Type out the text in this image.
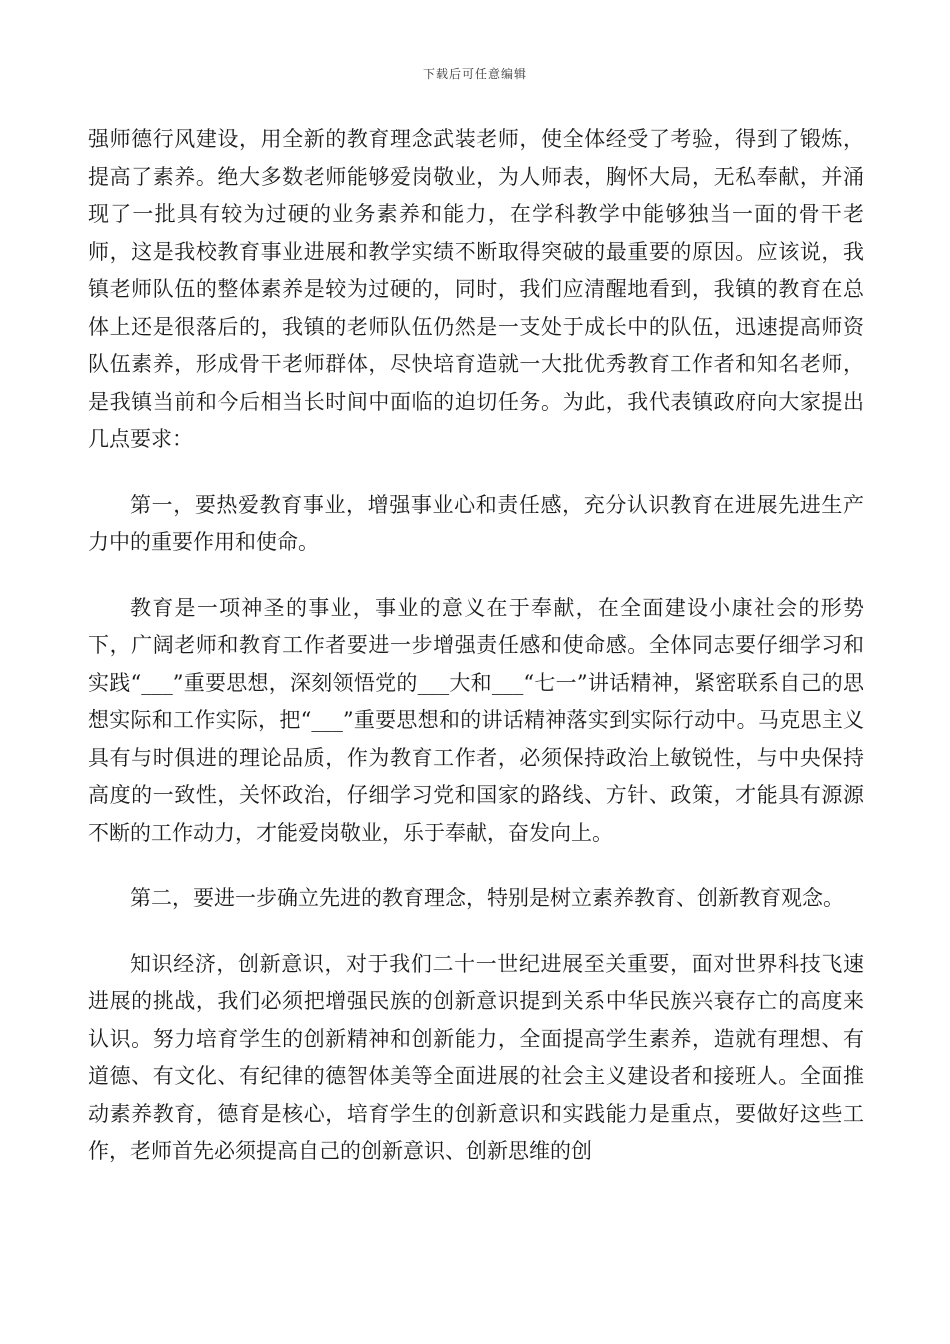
下载后可任意编辑

强师德行风建设，用全新的教育理念武装老师，使全体经受了考验，得到了锻炼，提高了素养。绝大多数老师能够爱岗敬业，为人师表，胸怀大局，无私奉献，并涌现了一批具有较为过硬的业务素养和能力，在学科教学中能够独当一面的骨干老师，这是我校教育事业进展和教学实绩不断取得突破的最重要的原因。应该说，我镇老师队伍的整体素养是较为过硬的，同时，我们应清醒地看到，我镇的教育在总体上还是很落后的，我镇的老师队伍仍然是一支处于成长中的队伍，迅速提高师资队伍素养，形成骨干老师群体，尽快培育造就一大批优秀教育工作者和知名老师，是我镇当前和今后相当长时间中面临的迫切任务。为此，我代表镇政府向大家提出几点要求：

第一，要热爱教育事业，增强事业心和责任感，充分认识教育在进展先进生产力中的重要作用和使命。

教育是一项神圣的事业，事业的意义在于奉献，在全面建设小康社会的形势下，广阔老师和教育工作者要进一步增强责任感和使命感。全体同志要仔细学习和实践“___”重要思想，深刻领悟党的___大和___“七一”讲话精神，紧密联系自己的思想实际和工作实际，把“___”重要思想和的讲话精神落实到实际行动中。马克思主义具有与时俱进的理论品质，作为教育工作者，必须保持政治上敏锐性，与中央保持高度的一致性，关怀政治，仔细学习党和国家的路线、方针、政策，才能具有源源不断的工作动力，才能爱岗敬业，乐于奉献，奋发向上。

第二，要进一步确立先进的教育理念，特别是树立素养教育、创新教育观念。

知识经济，创新意识，对于我们二十一世纪进展至关重要，面对世界科技飞速进展的挑战，我们必须把增强民族的创新意识提到关系中华民族兴衰存亡的高度来认识。努力培育学生的创新精神和创新能力，全面提高学生素养，造就有理想、有道德、有文化、有纪律的德智体美等全面进展的社会主义建设者和接班人。全面推动素养教育，德育是核心，培育学生的创新意识和实践能力是重点，要做好这些工作，老师首先必须提高自己的创新意识、创新思维的创
